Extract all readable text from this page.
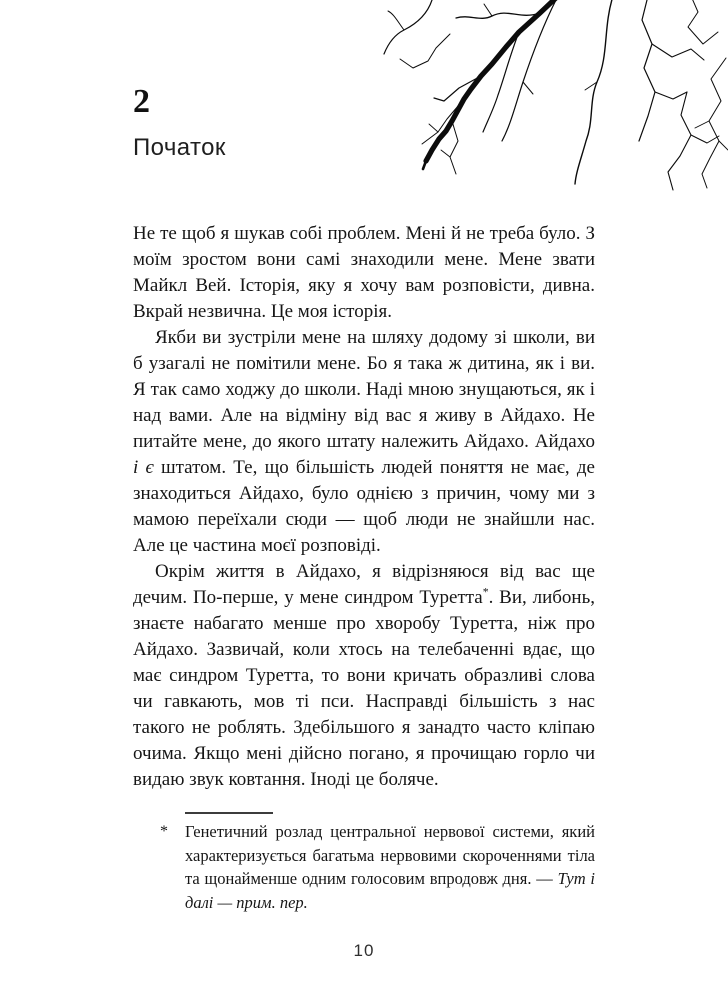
2
Початок

Не те щоб я шукав собі проблем. Мені й не треба було. З моїм зростом вони самі знаходили мене. Мене звати Майкл Вей. Історія, яку я хочу вам розповісти, дивна. Вкрай незвична. Це моя історія.

Якби ви зустріли мене на шляху додому зі школи, ви б узагалі не помітили мене. Бо я така ж дитина, як і ви. Я так само ходжу до школи. Наді мною знущаються, як і над вами. Але на відміну від вас я живу в Айдахо. Не питайте мене, до якого штату належить Айдахо. Айдахо і є штатом. Те, що більшість людей поняття не має, де знаходиться Айдахо, було однією з причин, чому ми з мамою переїхали сюди — щоб люди не знайшли нас. Але це частина моєї розповіді.

Окрім життя в Айдахо, я відрізняюся від вас ще дечим. По-перше, у мене синдром Туретта*. Ви, либонь, знаєте набагато менше про хворобу Туретта, ніж про Айдахо. Зазвичай, коли хтось на телебаченні вдає, що має синдром Туретта, то вони кричать образливі слова чи гавкають, мов ті пси. Насправді більшість з нас такого не роблять. Здебільшого я занадто часто кліпаю очима. Якщо мені дійсно погано, я прочищаю горло чи видаю звук ковтання. Іноді це боляче.

* Генетичний розлад центральної нервової системи, який характеризується багатьма нервовими скороченнями тіла та щонайменше одним голосовим впродовж дня. — Тут і далі — прим. пер.
10
